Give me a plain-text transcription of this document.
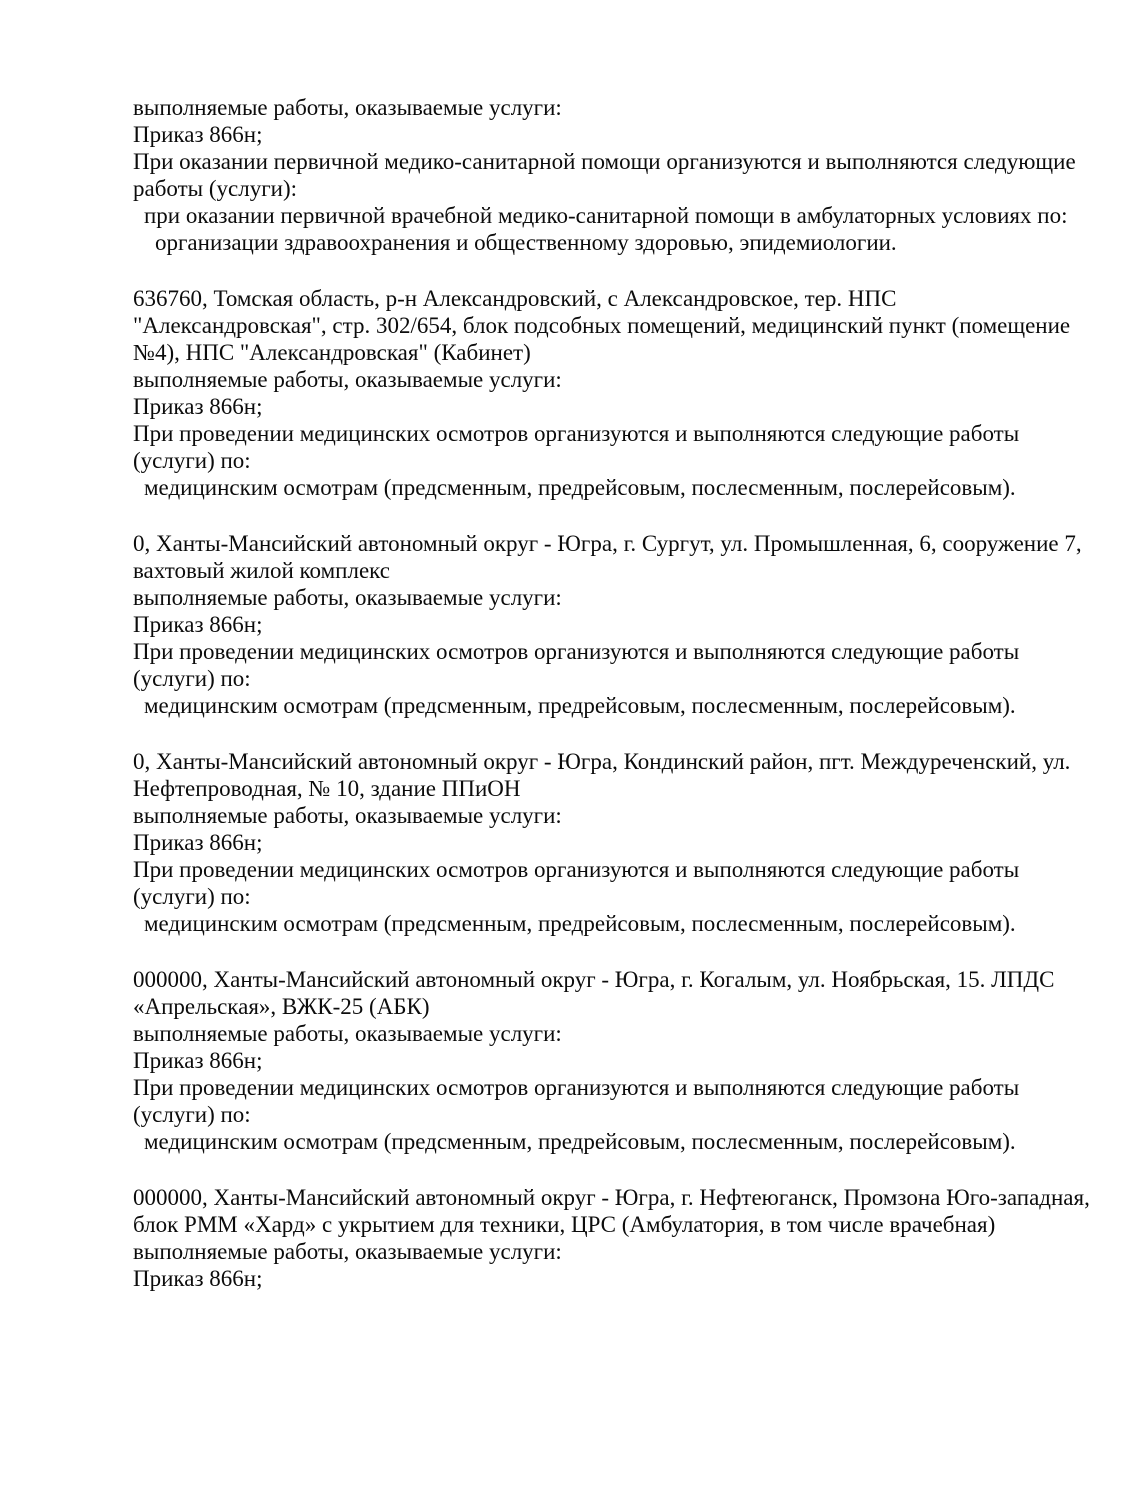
выполняемые работы, оказываемые услуги:
Приказ 866н;
При оказании первичной медико-санитарной помощи организуются и выполняются следующие
работы (услуги):
при оказании первичной врачебной медико-санитарной помощи в амбулаторных условиях по:
организации здравоохранения и общественному здоровью, эпидемиологии.
636760, Томская область, р-н Александровский, с Александровское, тер. НПС
"Александровская", стр. 302/654, блок подсобных помещений, медицинский пункт (помещение
№4), НПС "Александровская" (Кабинет)
выполняемые работы, оказываемые услуги:
Приказ 866н;
При проведении медицинских осмотров организуются и выполняются следующие работы
(услуги) по:
медицинским осмотрам (предсменным, предрейсовым, послесменным, послерейсовым).
0, Ханты-Мансийский автономный округ - Югра, г. Сургут, ул. Промышленная, 6, сооружение 7,
вахтовый жилой комплекс
выполняемые работы, оказываемые услуги:
Приказ 866н;
При проведении медицинских осмотров организуются и выполняются следующие работы
(услуги) по:
медицинским осмотрам (предсменным, предрейсовым, послесменным, послерейсовым).
0, Ханты-Мансийский автономный округ - Югра, Кондинский район, пгт. Междуреченский, ул.
Нефтепроводная, № 10, здание ППиОН
выполняемые работы, оказываемые услуги:
Приказ 866н;
При проведении медицинских осмотров организуются и выполняются следующие работы
(услуги) по:
медицинским осмотрам (предсменным, предрейсовым, послесменным, послерейсовым).
000000, Ханты-Мансийский автономный округ - Югра, г. Когалым, ул. Ноябрьская, 15. ЛПДС
«Апрельская», ВЖК-25 (АБК)
выполняемые работы, оказываемые услуги:
Приказ 866н;
При проведении медицинских осмотров организуются и выполняются следующие работы
(услуги) по:
медицинским осмотрам (предсменным, предрейсовым, послесменным, послерейсовым).
000000, Ханты-Мансийский автономный округ - Югра, г. Нефтеюганск, Промзона Юго-западная,
блок РММ «Хард» с укрытием для техники, ЦРС (Амбулатория, в том числе врачебная)
выполняемые работы, оказываемые услуги:
Приказ 866н;
